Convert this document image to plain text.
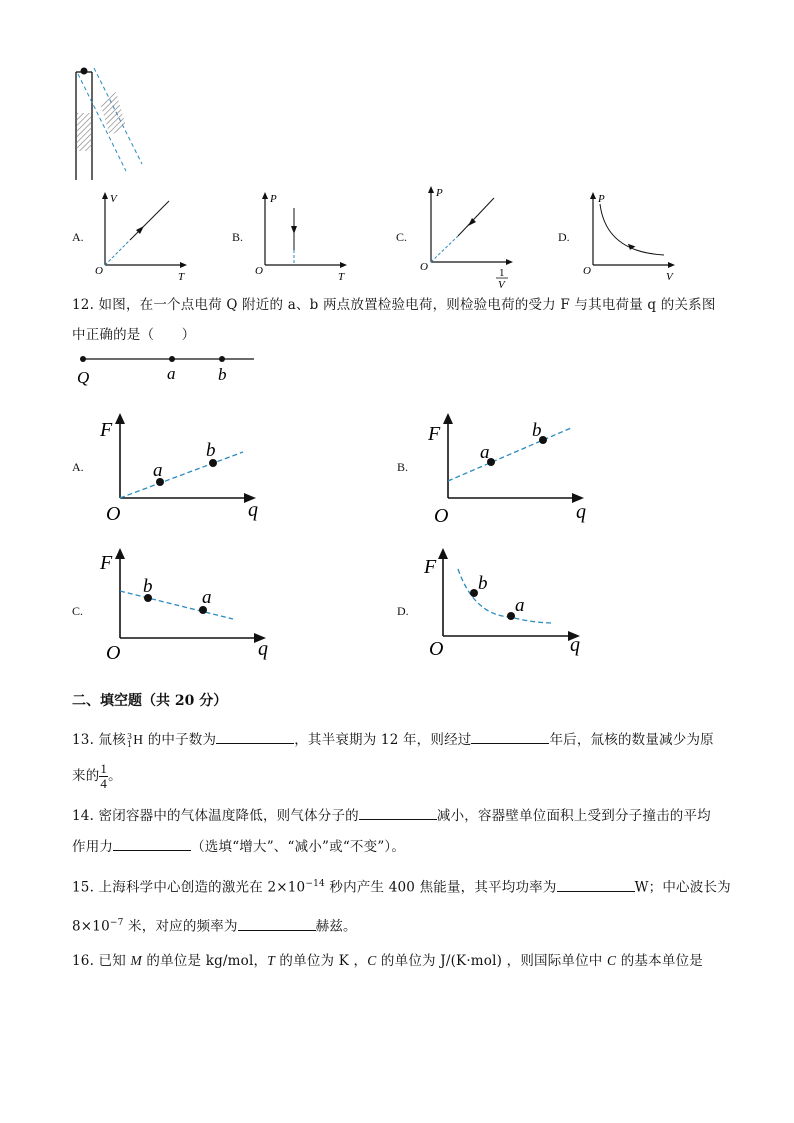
A.
V
O	T
B.
P
O	T
C.
P
O	1
V
D.
P
O	V
12. 如图，在一个点电荷 Q 附近的 a、b 两点放置检验电荷，则检验电荷的受力 F 与其电荷量 q 的关系图
中正确的是（　　）
Q	a	b
A.
F
O	q
a
b
B.
F
O	q
a
b
C.
F
O	q
b
a
D.
F
O	q
b
a
二、填空题（共 20 分）
13. 氚核 3
1 H 的中子数为	，其半衰期为 12 年，则经过	年后，氚核的数量减少为原
来的 $\frac{1}{4}$ 。
14. 密闭容器中的气体温度降低，则气体分子的	减小，容器壁单位面积上受到分子撞击的平均
作用力	（选填“增大”、“减小”或“不变”）。
15. 上海科学中心创造的激光在 $2\times 10^{-14}$ 秒内产生 400 焦能量，其平均功率为	W；中心波长为
$8\times 10^{-7}$ 米，对应的频率为	赫兹。
16. 已知 M 的单位是 kg/mol，T 的单位为 K ，C 的单位为 J/(K·mol) ，则国际单位中 C 的基本单位是
